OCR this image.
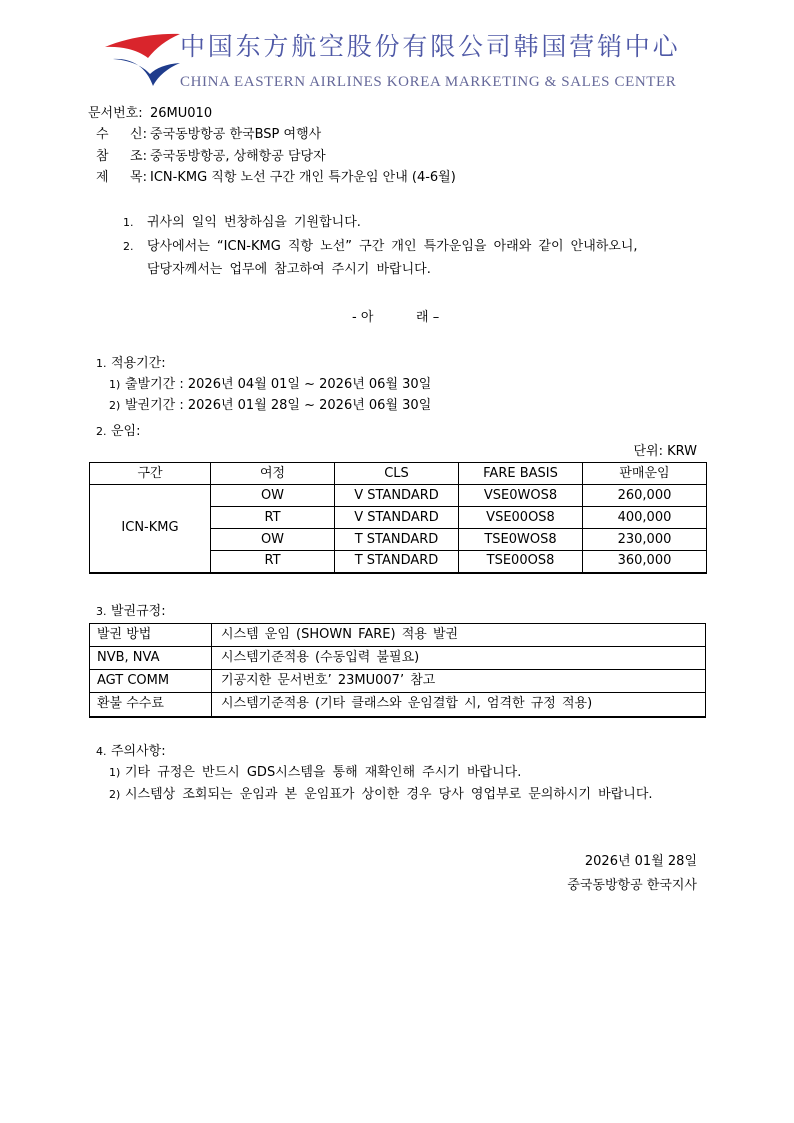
中国东方航空股份有限公司韩国营销中心
CHINA EASTERN AIRLINES KOREA MARKETING & SALES CENTER
문서번호: 26MU010
수 신: 중국동방항공 한국BSP 여행사
참 조: 중국동방항공, 상해항공 담당자
제 목: ICN-KMG 직항 노선 구간 개인 특가운임 안내 (4-6월)
1. 귀사의 일익 번창하심을 기원합니다.
2. 당사에서는 “ICN-KMG 직항 노선” 구간 개인 특가운임을 아래와 같이 안내하오니,
담당자께서는 업무에 참고하여 주시기 바랍니다.
- 아	래 –
1. 적용기간:
1) 출발기간 : 2026년 04월 01일 ~ 2026년 06월 30일
2) 발권기간 : 2026년 01월 28일 ~ 2026년 06월 30일
2. 운임:
단위: KRW
구간	여정	CLS	FARE BASIS	판매운임
ICN-KMG	OW	V STANDARD	VSE0WOS8	260,000
	RT	V STANDARD	VSE00OS8	400,000
	OW	T STANDARD	TSE0WOS8	230,000
	RT	T STANDARD	TSE00OS8	360,000
3. 발권규정:
발권 방법	시스템 운임 (SHOWN FARE) 적용 발권
NVB, NVA	시스템기준적용 (수동입력 불필요)
AGT COMM	기공지한 문서번호’ 23MU007’ 참고
환불 수수료	시스템기준적용 (기타 클래스와 운임결합 시, 엄격한 규정 적용)
4. 주의사항:
1) 기타 규정은 반드시 GDS시스템을 통해 재확인해 주시기 바랍니다.
2) 시스템상 조회되는 운임과 본 운임표가 상이한 경우 당사 영업부로 문의하시기 바랍니다.
2026년 01월 28일
중국동방항공 한국지사
